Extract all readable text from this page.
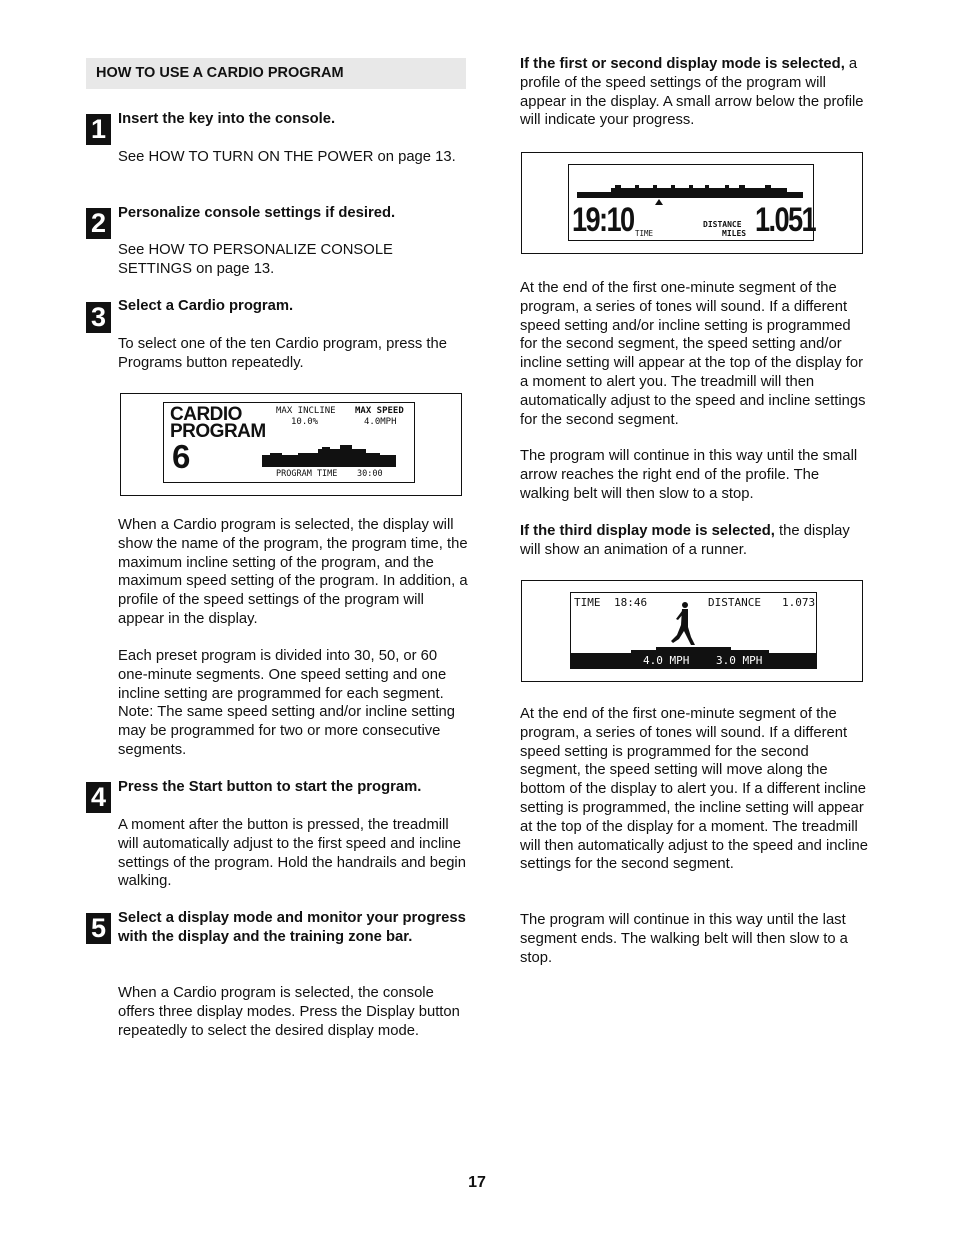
HOW TO USE A CARDIO PROGRAM
1 Insert the key into the console.
See HOW TO TURN ON THE POWER on page 13.
2 Personalize console settings if desired.
See HOW TO PERSONALIZE CONSOLE SETTINGS on page 13.
3 Select a Cardio program.
To select one of the ten Cardio program, press the Programs button repeatedly.
CARDIO
PROGRAM
6
MAX INCLINE
10.0%
MAX SPEED
4.0MPH
PROGRAM TIME 30:00
When a Cardio program is selected, the display will show the name of the program, the program time, the maximum incline setting of the program, and the maximum speed setting of the program. In addition, a profile of the speed settings of the program will appear in the display.
Each preset program is divided into 30, 50, or 60 one-minute segments. One speed setting and one incline setting are programmed for each segment. Note: The same speed setting and/or incline setting may be programmed for two or more consecutive segments.
4 Press the Start button to start the program.
A moment after the button is pressed, the treadmill will automatically adjust to the first speed and incline settings of the program. Hold the handrails and begin walking.
5 Select a display mode and monitor your progress with the display and the training zone bar.
When a Cardio program is selected, the console offers three display modes. Press the Display button repeatedly to select the desired display mode.
If the first or second display mode is selected, a profile of the speed settings of the program will appear in the display. A small arrow below the profile will indicate your progress.
19:10 TIME
DISTANCE
MILES 1.051
At the end of the first one-minute segment of the program, a series of tones will sound. If a different speed setting and/or incline setting is programmed for the second segment, the speed setting and/or incline setting will appear at the top of the display for a moment to alert you. The treadmill will then automatically adjust to the speed and incline settings for the second segment.
The program will continue in this way until the small arrow reaches the right end of the profile. The walking belt will then slow to a stop.
If the third display mode is selected, the display will show an animation of a runner.
TIME 18:46	DISTANCE 1.073
4.0 MPH 3.0 MPH
At the end of the first one-minute segment of the program, a series of tones will sound. If a different speed setting is programmed for the second segment, the speed setting will move along the bottom of the display to alert you. If a different incline setting is programmed, the incline setting will appear at the top of the display for a moment. The treadmill will then automatically adjust to the speed and incline settings for the second segment.
The program will continue in this way until the last segment ends. The walking belt will then slow to a stop.
17
